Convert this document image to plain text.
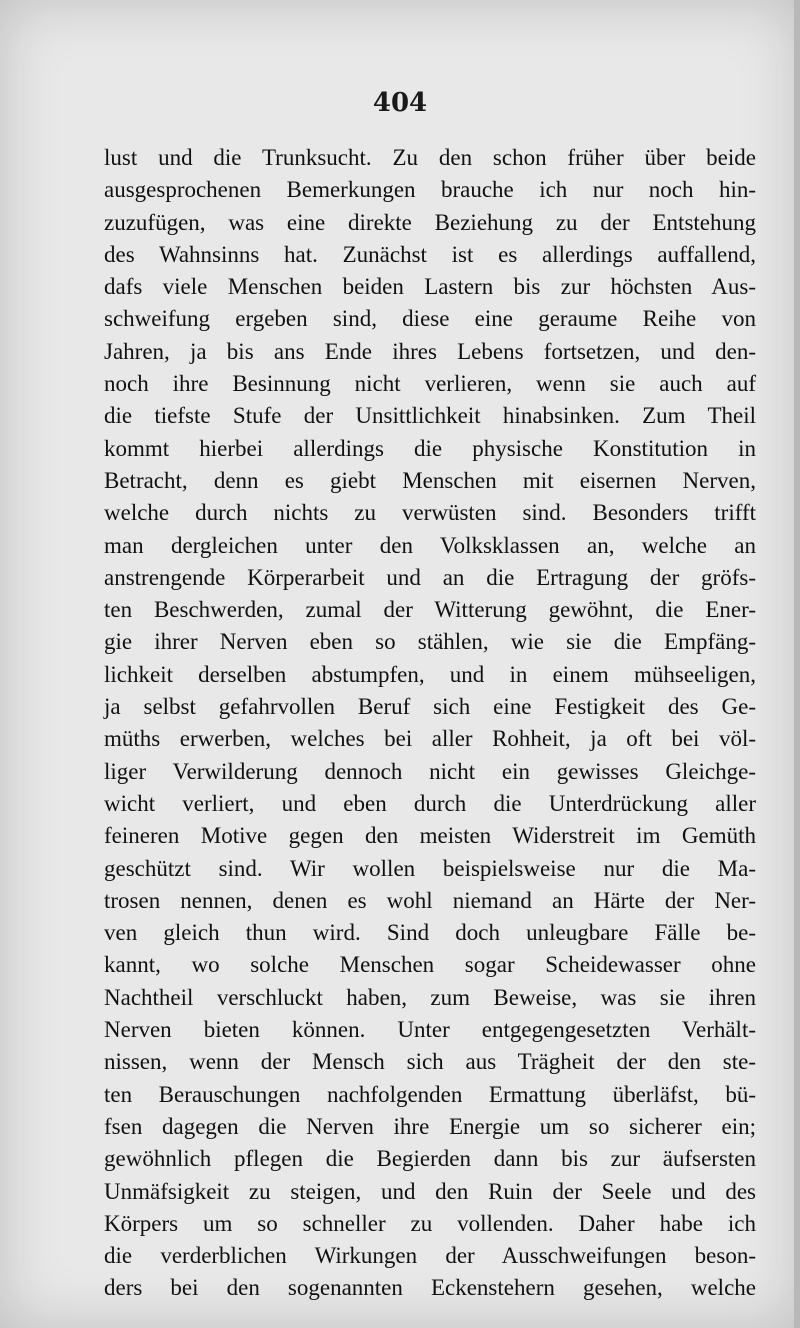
404
lust und die Trunksucht. Zu den schon früher über beide
ausgesprochenen Bemerkungen brauche ich nur noch hin-
zuzufügen, was eine direkte Beziehung zu der Entstehung
des Wahnsinns hat. Zunächst ist es allerdings auffallend,
dafs viele Menschen beiden Lastern bis zur höchsten Aus-
schweifung ergeben sind, diese eine geraume Reihe von
Jahren, ja bis ans Ende ihres Lebens fortsetzen, und den-
noch ihre Besinnung nicht verlieren, wenn sie auch auf
die tiefste Stufe der Unsittlichkeit hinabsinken. Zum Theil
kommt hierbei allerdings die physische Konstitution in
Betracht, denn es giebt Menschen mit eisernen Nerven,
welche durch nichts zu verwüsten sind. Besonders trifft
man dergleichen unter den Volksklassen an, welche an
anstrengende Körperarbeit und an die Ertragung der gröfs-
ten Beschwerden, zumal der Witterung gewöhnt, die Ener-
gie ihrer Nerven eben so stählen, wie sie die Empfäng-
lichkeit derselben abstumpfen, und in einem mühseeligen,
ja selbst gefahrvollen Beruf sich eine Festigkeit des Ge-
müths erwerben, welches bei aller Rohheit, ja oft bei völ-
liger Verwilderung dennoch nicht ein gewisses Gleichge-
wicht verliert, und eben durch die Unterdrückung aller
feineren Motive gegen den meisten Widerstreit im Gemüth
geschützt sind. Wir wollen beispielsweise nur die Ma-
trosen nennen, denen es wohl niemand an Härte der Ner-
ven gleich thun wird. Sind doch unleugbare Fälle be-
kannt, wo solche Menschen sogar Scheidewasser ohne
Nachtheil verschluckt haben, zum Beweise, was sie ihren
Nerven bieten können. Unter entgegengesetzten Verhält-
nissen, wenn der Mensch sich aus Trägheit der den ste-
ten Berauschungen nachfolgenden Ermattung überläfst, bü-
fsen dagegen die Nerven ihre Energie um so sicherer ein;
gewöhnlich pflegen die Begierden dann bis zur äufsersten
Unmäfsigkeit zu steigen, und den Ruin der Seele und des
Körpers um so schneller zu vollenden. Daher habe ich
die verderblichen Wirkungen der Ausschweifungen beson-
ders bei den sogenannten Eckenstehern gesehen, welche
